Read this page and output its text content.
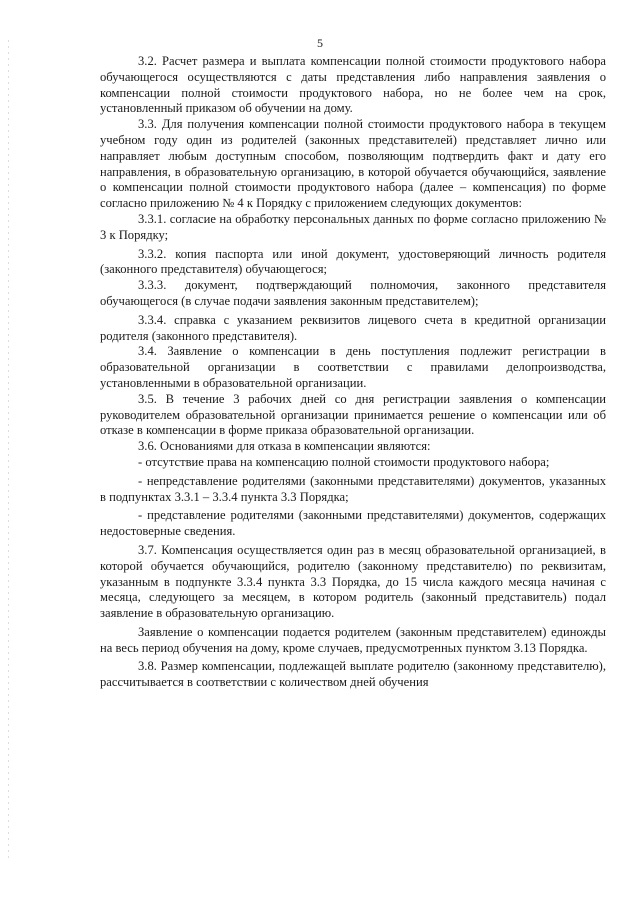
5

3.2. Расчет размера и выплата компенсации полной стоимости продуктового набора обучающегося осуществляются с даты представления либо направления заявления о компенсации полной стоимости продуктового набора, но не более чем на срок, установленный приказом об обучении на дому.

3.3. Для получения компенсации полной стоимости продуктового набора в текущем учебном году один из родителей (законных представителей) представляет лично или направляет любым доступным способом, позволяющим подтвердить факт и дату его направления, в образовательную организацию, в которой обучается обучающийся, заявление о компенсации полной стоимости продуктового набора (далее – компенсация) по форме согласно приложению № 4 к Порядку с приложением следующих документов:

3.3.1. согласие на обработку персональных данных по форме согласно приложению № 3 к Порядку;

3.3.2. копия паспорта или иной документ, удостоверяющий личность родителя (законного представителя) обучающегося;

3.3.3. документ, подтверждающий полномочия, законного представителя обучающегося (в случае подачи заявления законным представителем);

3.3.4. справка с указанием реквизитов лицевого счета в кредитной организации родителя (законного представителя).

3.4. Заявление о компенсации в день поступления подлежит регистрации в образовательной организации в соответствии с правилами делопроизводства, установленными в образовательной организации.

3.5. В течение 3 рабочих дней со дня регистрации заявления о компенсации руководителем образовательной организации принимается решение о компенсации или об отказе в компенсации в форме приказа образовательной организации.

3.6. Основаниями для отказа в компенсации являются:

- отсутствие права на компенсацию полной стоимости продуктового набора;

- непредставление родителями (законными представителями) документов, указанных в подпунктах 3.3.1 – 3.3.4 пункта 3.3 Порядка;

- представление родителями (законными представителями) документов, содержащих недостоверные сведения.

3.7. Компенсация осуществляется один раз в месяц образовательной организацией, в которой обучается обучающийся, родителю (законному представителю) по реквизитам, указанным в подпункте 3.3.4 пункта 3.3 Порядка, до 15 числа каждого месяца начиная с месяца, следующего за месяцем, в котором родитель (законный представитель) подал заявление в образовательную организацию.

Заявление о компенсации подается родителем (законным представителем) единожды на весь период обучения на дому, кроме случаев, предусмотренных пунктом 3.13 Порядка.

3.8. Размер компенсации, подлежащей выплате родителю (законному представителю), рассчитывается в соответствии с количеством дней обучения
